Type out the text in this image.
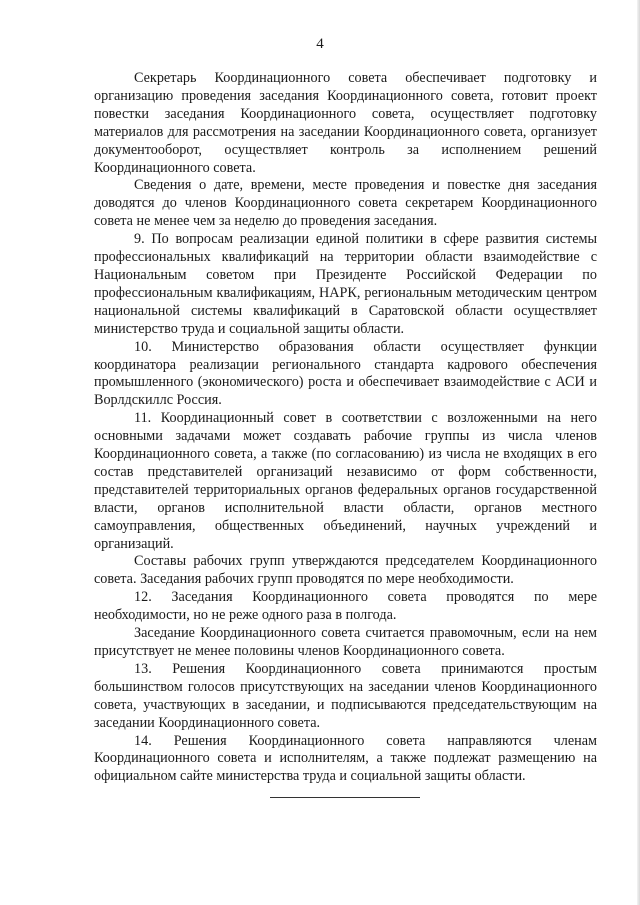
4

Секретарь Координационного совета обеспечивает подготовку и организацию проведения заседания Координационного совета, готовит проект повестки заседания Координационного совета, осуществляет подготовку материалов для рассмотрения на заседании Координационного совета, организует документооборот, осуществляет контроль за исполнением решений Координационного совета.

Сведения о дате, времени, месте проведения и повестке дня заседания доводятся до членов Координационного совета секретарем Координационного совета не менее чем за неделю до проведения заседания.

9. По вопросам реализации единой политики в сфере развития системы профессиональных квалификаций на территории области взаимодействие с Национальным советом при Президенте Российской Федерации по профессиональным квалификациям, НАРК, региональным методическим центром национальной системы квалификаций в Саратовской области осуществляет министерство труда и социальной защиты области.

10. Министерство образования области осуществляет функции координатора реализации регионального стандарта кадрового обеспечения промышленного (экономического) роста и обеспечивает взаимодействие с АСИ и Ворлдскиллс Россия.

11. Координационный совет в соответствии с возложенными на него основными задачами может создавать рабочие группы из числа членов Координационного совета, а также (по согласованию) из числа не входящих в его состав представителей организаций независимо от форм собственности, представителей территориальных органов федеральных органов государственной власти, органов исполнительной власти области, органов местного самоуправления, общественных объединений, научных учреждений и организаций.

Составы рабочих групп утверждаются председателем Координационного совета. Заседания рабочих групп проводятся по мере необходимости.

12. Заседания Координационного совета проводятся по мере необходимости, но не реже одного раза в полгода.

Заседание Координационного совета считается правомочным, если на нем присутствует не менее половины членов Координационного совета.

13. Решения Координационного совета принимаются простым большинством голосов присутствующих на заседании членов Координационного совета, участвующих в заседании, и подписываются председательствующим на заседании Координационного совета.

14. Решения Координационного совета направляются членам Координационного совета и исполнителям, а также подлежат размещению на официальном сайте министерства труда и социальной защиты области.
